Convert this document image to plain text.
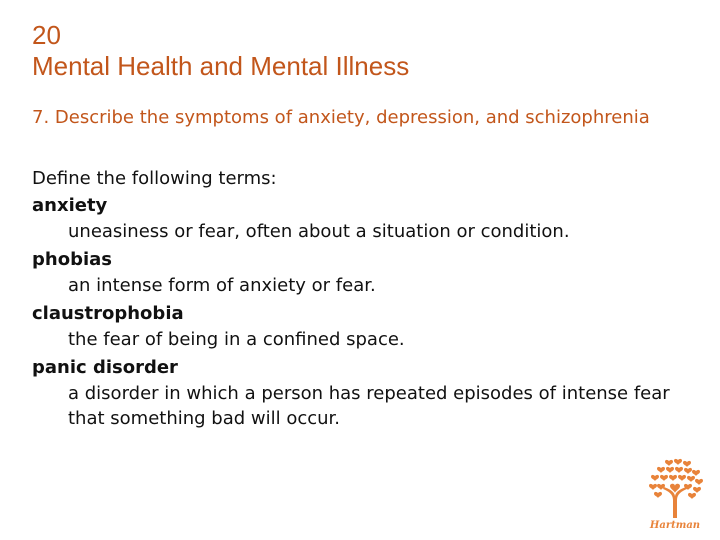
20
Mental Health and Mental Illness

7. Describe the symptoms of anxiety, depression, and schizophrenia

Define the following terms:

anxiety

uneasiness or fear, often about a situation or condition.

phobias

an intense form of anxiety or fear.

claustrophobia

the fear of being in a confined space.

panic disorder

a disorder in which a person has repeated episodes of intense fear that something bad will occur.

Hartman
